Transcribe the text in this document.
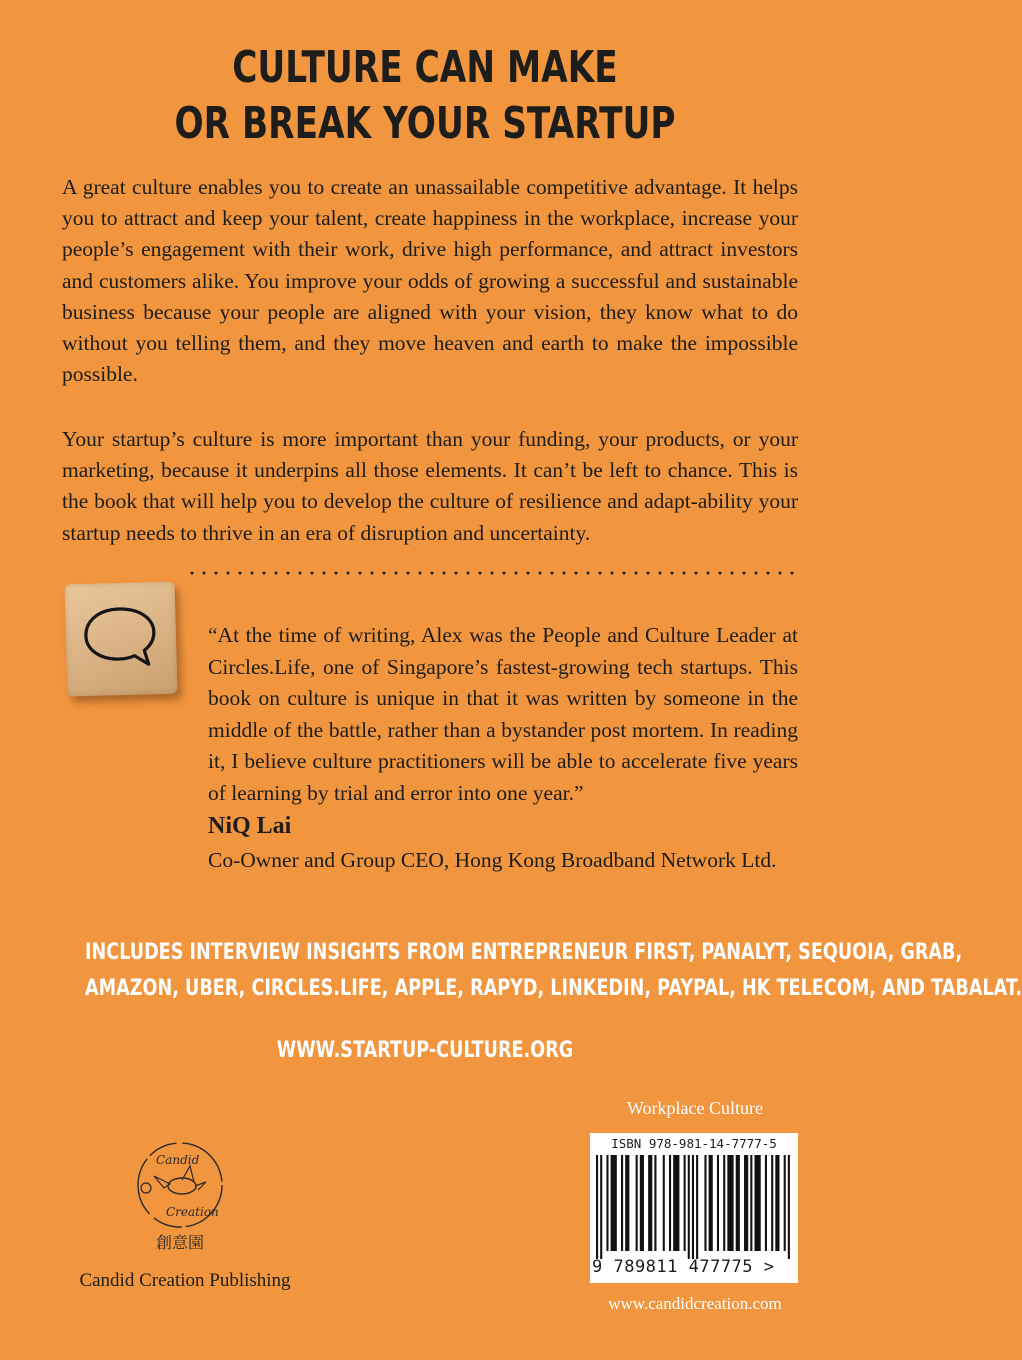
CULTURE CAN MAKE
OR BREAK YOUR STARTUP

A great culture enables you to create an unassailable competitive advantage. It helps you to attract and keep your talent, create happiness in the workplace, increase your people’s engagement with their work, drive high performance, and attract investors and customers alike. You improve your odds of growing a successful and sustainable business because your people are aligned with your vision, they know what to do without you telling them, and they move heaven and earth to make the impossible possible.

Your startup’s culture is more important than your funding, your products, or your marketing, because it underpins all those elements. It can’t be left to chance. This is the book that will help you to develop the culture of resilience and adapt-ability your startup needs to thrive in an era of disruption and uncertainty.

“At the time of writing, Alex was the People and Culture Leader at Circles.Life, one of Singapore’s fastest-growing tech startups. This book on culture is unique in that it was written by someone in the middle of the battle, rather than a bystander post mortem. In reading it, I believe culture practitioners will be able to accelerate five years of learning by trial and error into one year.”

NiQ Lai
Co-Owner and Group CEO, Hong Kong Broadband Network Ltd.
INCLUDES INTERVIEW INSIGHTS FROM ENTREPRENEUR FIRST, PANALYT, SEQUOIA, GRAB,
AMAZON, UBER, CIRCLES.LIFE, APPLE, RAPYD, LINKEDIN, PAYPAL, HK TELECOM, AND TABALAT.
WWW.STARTUP-CULTURE.ORG
Candid
Creation
創意園
Candid Creation Publishing
Workplace Culture
ISBN 978-981-14-7777-5
9 789811 477775 >
www.candidcreation.com
